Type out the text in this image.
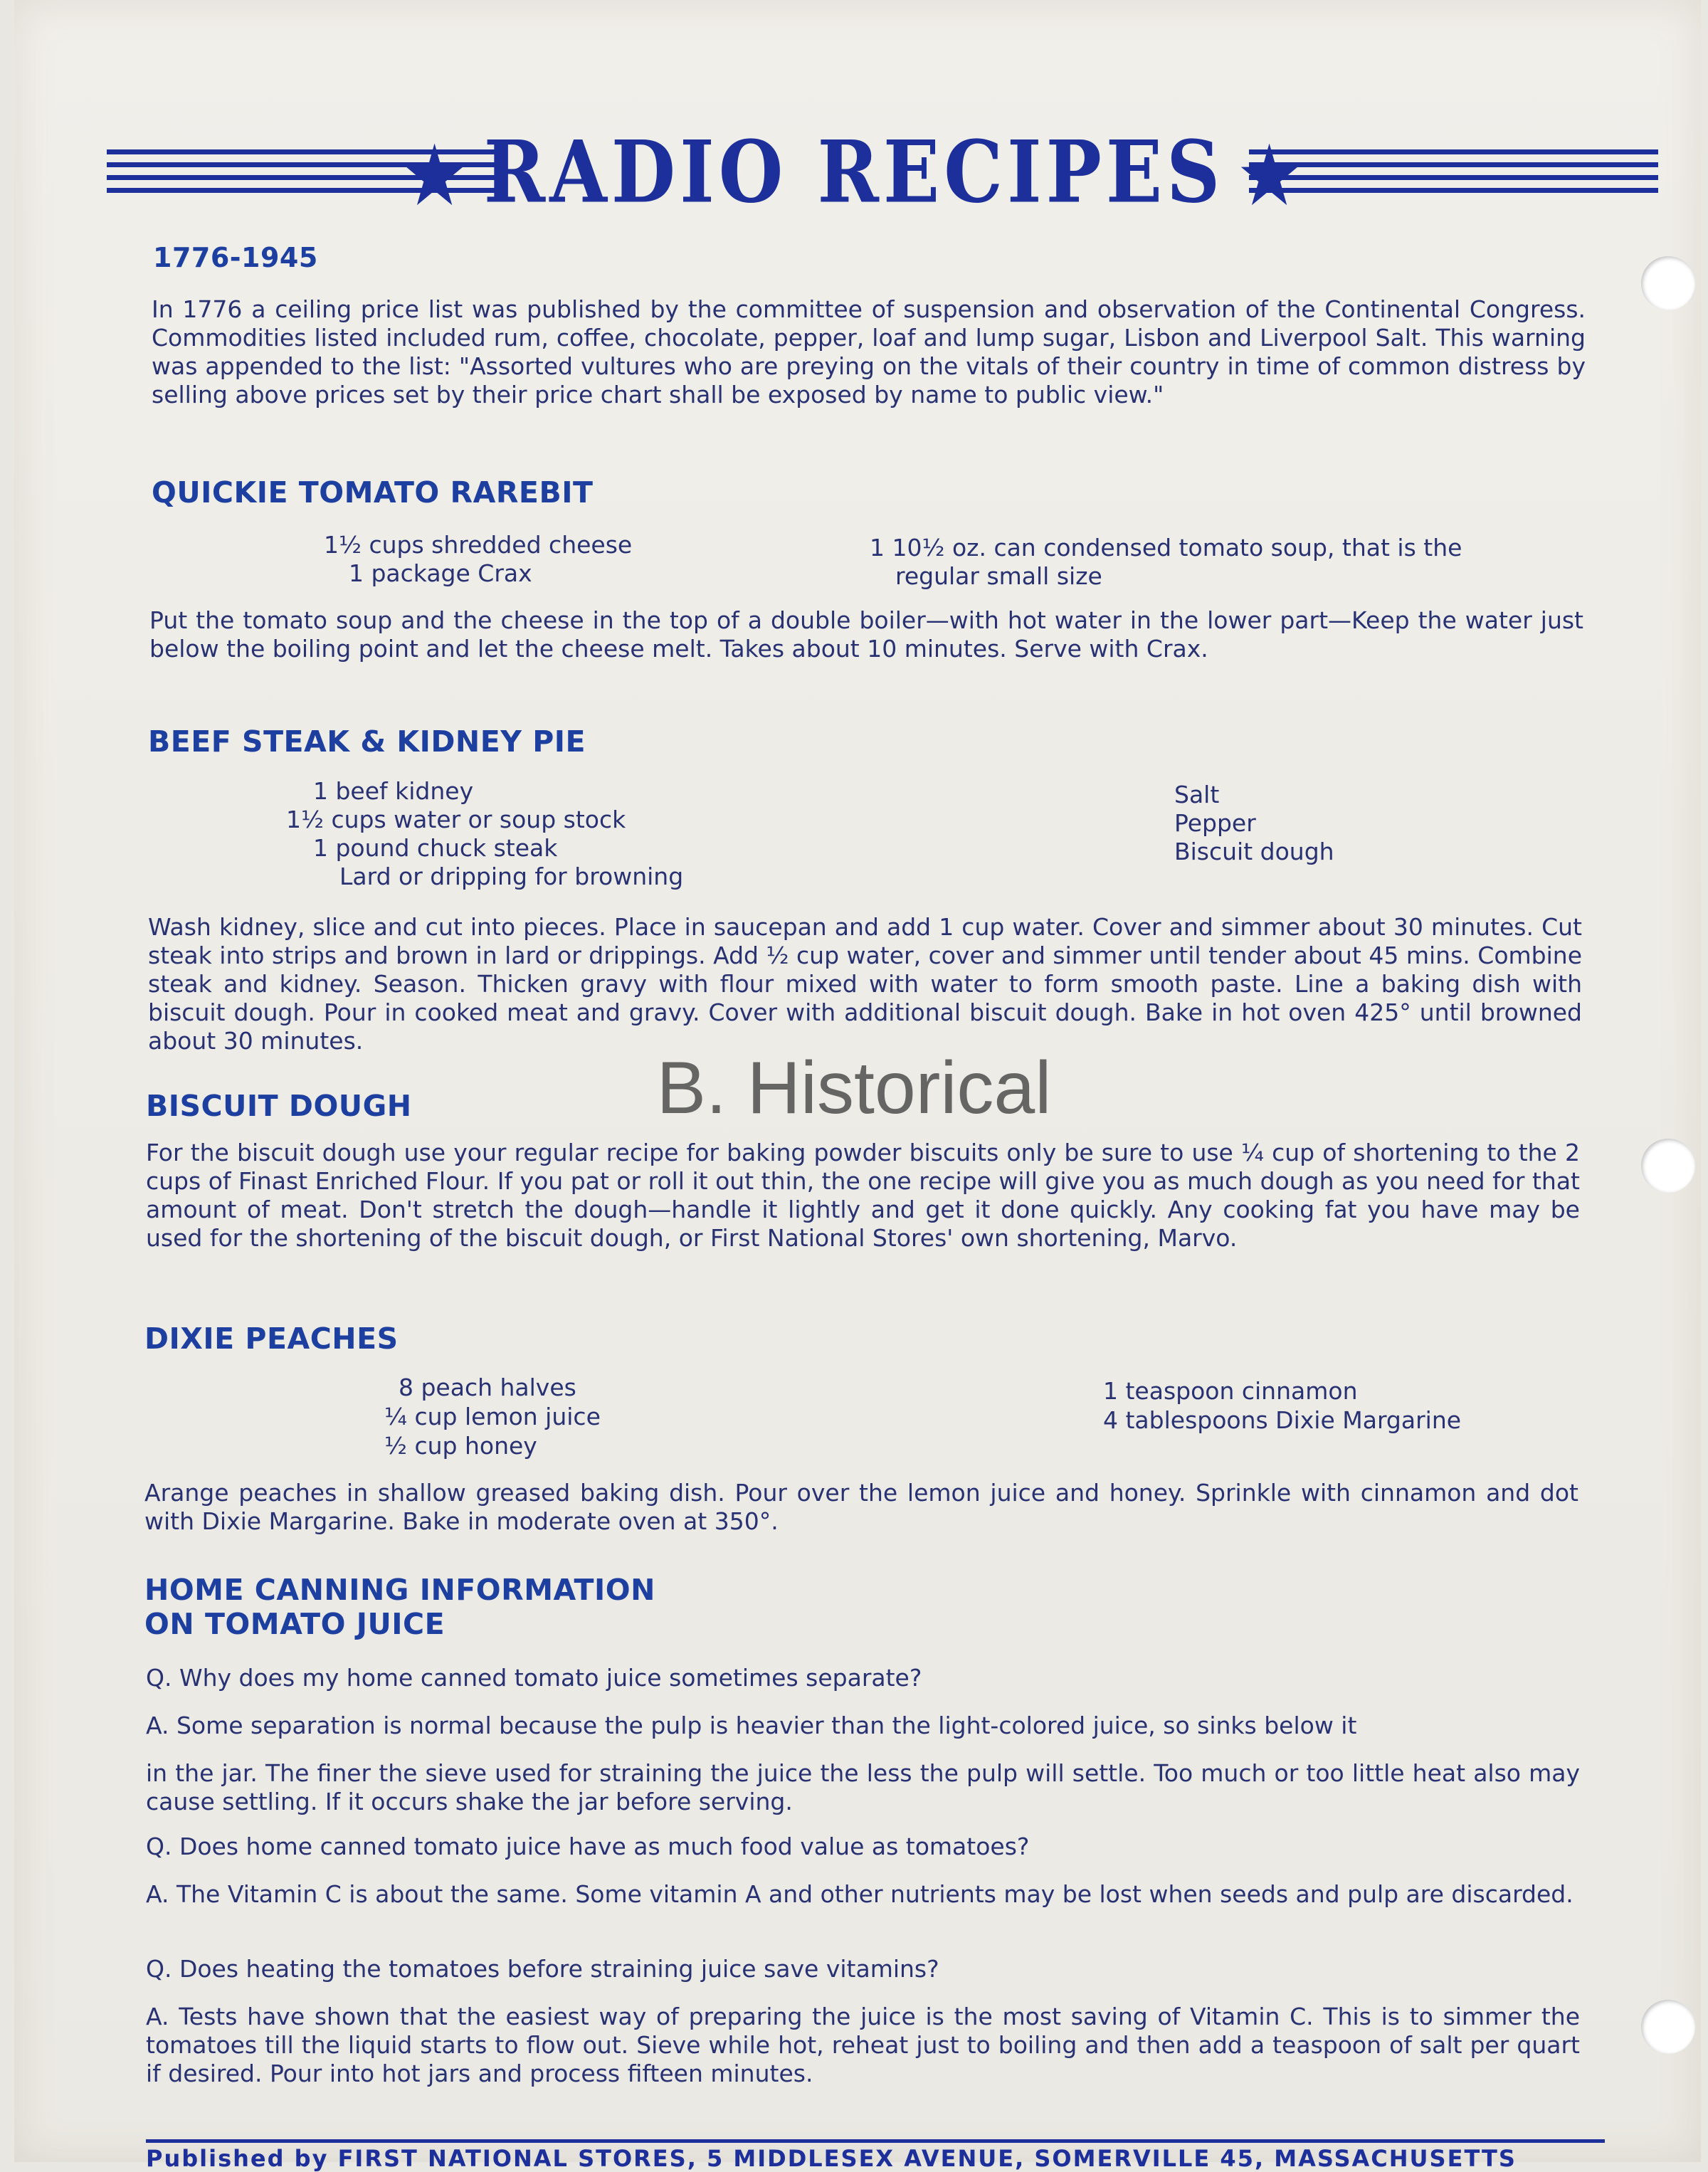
★ RADIO RECIPES ★
1776-1945
In 1776 a ceiling price list was published by the committee of suspension and observation of the Continental Congress. Commodities listed included rum, coffee, chocolate, pepper, loaf and lump sugar, Lisbon and Liverpool Salt. This warning was appended to the list: "Assorted vultures who are preying on the vitals of their country in time of common distress by selling above prices set by their price chart shall be exposed by name to public view."
QUICKIE TOMATO RAREBIT
1½ cups shredded cheese
1 package Crax
1 10½ oz. can condensed tomato soup, that is the
regular small size
Put the tomato soup and the cheese in the top of a double boiler—with hot water in the lower part—Keep the water just below the boiling point and let the cheese melt. Takes about 10 minutes. Serve with Crax.
BEEF STEAK & KIDNEY PIE
1 beef kidney
1½ cups water or soup stock
1 pound chuck steak
Lard or dripping for browning
Salt
Pepper
Biscuit dough
Wash kidney, slice and cut into pieces. Place in saucepan and add 1 cup water. Cover and simmer about 30 minutes. Cut steak into strips and brown in lard or drippings. Add ½ cup water, cover and simmer until tender about 45 mins. Combine steak and kidney. Season. Thicken gravy with flour mixed with water to form smooth paste. Line a baking dish with biscuit dough. Pour in cooked meat and gravy. Cover with additional biscuit dough. Bake in hot oven 425° until browned about 30 minutes.
BISCUIT DOUGH
For the biscuit dough use your regular recipe for baking powder biscuits only be sure to use ¼ cup of shortening to the 2 cups of Finast Enriched Flour. If you pat or roll it out thin, the one recipe will give you as much dough as you need for that amount of meat. Don't stretch the dough—handle it lightly and get it done quickly. Any cooking fat you have may be used for the shortening of the biscuit dough, or First National Stores' own shortening, Marvo.
DIXIE PEACHES
8 peach halves
¼ cup lemon juice
½ cup honey
1 teaspoon cinnamon
4 tablespoons Dixie Margarine
Arange peaches in shallow greased baking dish. Pour over the lemon juice and honey. Sprinkle with cinnamon and dot with Dixie Margarine. Bake in moderate oven at 350°.
HOME CANNING INFORMATION
ON TOMATO JUICE
Q. Why does my home canned tomato juice sometimes separate?
A. Some separation is normal because the pulp is heavier than the light-colored juice, so sinks below it
in the jar. The finer the sieve used for straining the juice the less the pulp will settle. Too much or too little heat also may cause settling. If it occurs shake the jar before serving.
Q. Does home canned tomato juice have as much food value as tomatoes?
A. The Vitamin C is about the same. Some vitamin A and other nutrients may be lost when seeds and pulp are discarded.
Q. Does heating the tomatoes before straining juice save vitamins?
A. Tests have shown that the easiest way of preparing the juice is the most saving of Vitamin C. This is to simmer the tomatoes till the liquid starts to flow out. Sieve while hot, reheat just to boiling and then add a teaspoon of salt per quart if desired. Pour into hot jars and process fifteen minutes.
B. Historical
Published by FIRST NATIONAL STORES, 5 MIDDLESEX AVENUE, SOMERVILLE 45, MASSACHUSETTS
